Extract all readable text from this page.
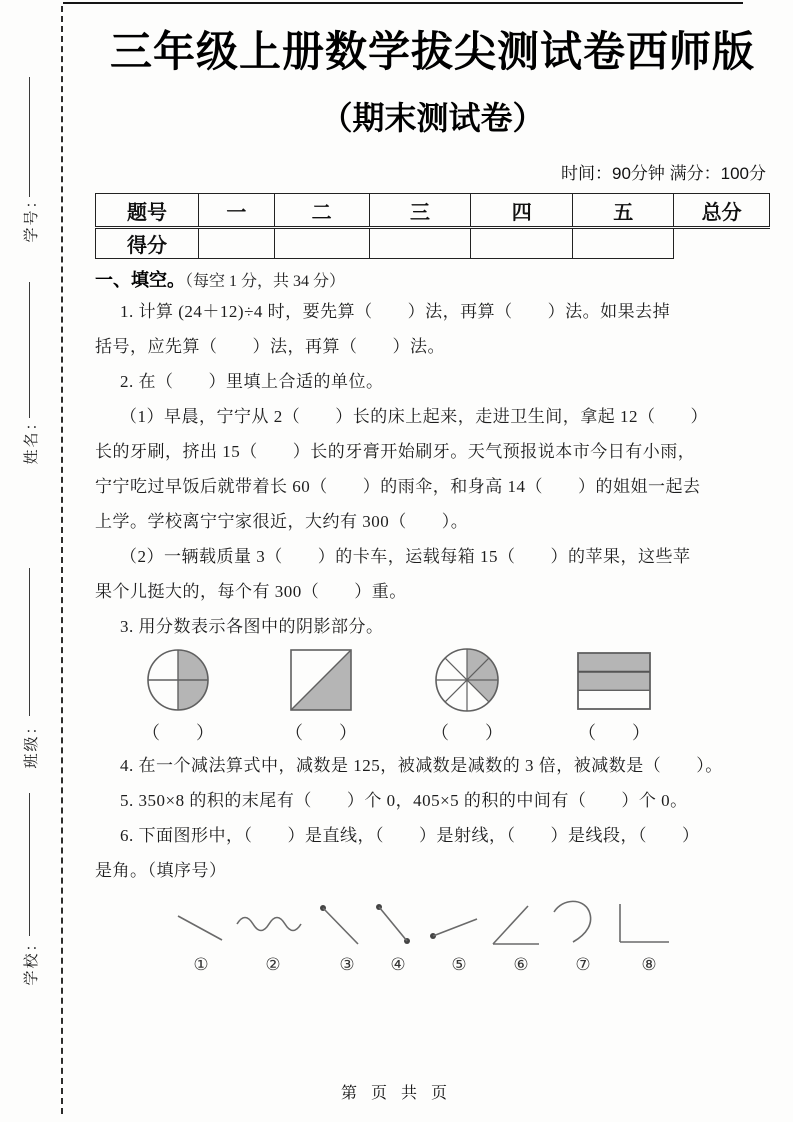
学号：
姓名：
班级：
学校：
三年级上册数学拔尖测试卷西师版
（期末测试卷）
时间：90分钟 满分：100分
题号	一	二	三	四	五	总分
得分						
一、填空。（每空 1 分，共 34 分）
1. 计算 (24＋12)÷4 时，要先算（　　）法，再算（　　）法。如果去掉
括号，应先算（　　）法，再算（　　）法。
2. 在（　　）里填上合适的单位。
（1）早晨，宁宁从 2（　　）长的床上起来，走进卫生间，拿起 12（　　）
长的牙刷，挤出 15（　　）长的牙膏开始刷牙。天气预报说本市今日有小雨，
宁宁吃过早饭后就带着长 60（　　）的雨伞，和身高 14（　　）的姐姐一起去
上学。学校离宁宁家很近，大约有 300（　　）。
（2）一辆载质量 3（　　）的卡车，运载每箱 15（　　）的苹果，这些苹
果个儿挺大的，每个有 300（　　）重。
3. 用分数表示各图中的阴影部分。
（　　）	（　　）	（　　）	（　　）
4. 在一个减法算式中，减数是 125，被减数是减数的 3 倍，被减数是（　　）。
5. 350×8 的积的末尾有（　　）个 0，405×5 的积的中间有（　　）个 0。
6. 下面图形中，（　　）是直线，（　　）是射线，（　　）是线段，（　　）
是角。（填序号）
①	②	③ ④	⑤	⑥	⑦	⑧
第 页 共 页
